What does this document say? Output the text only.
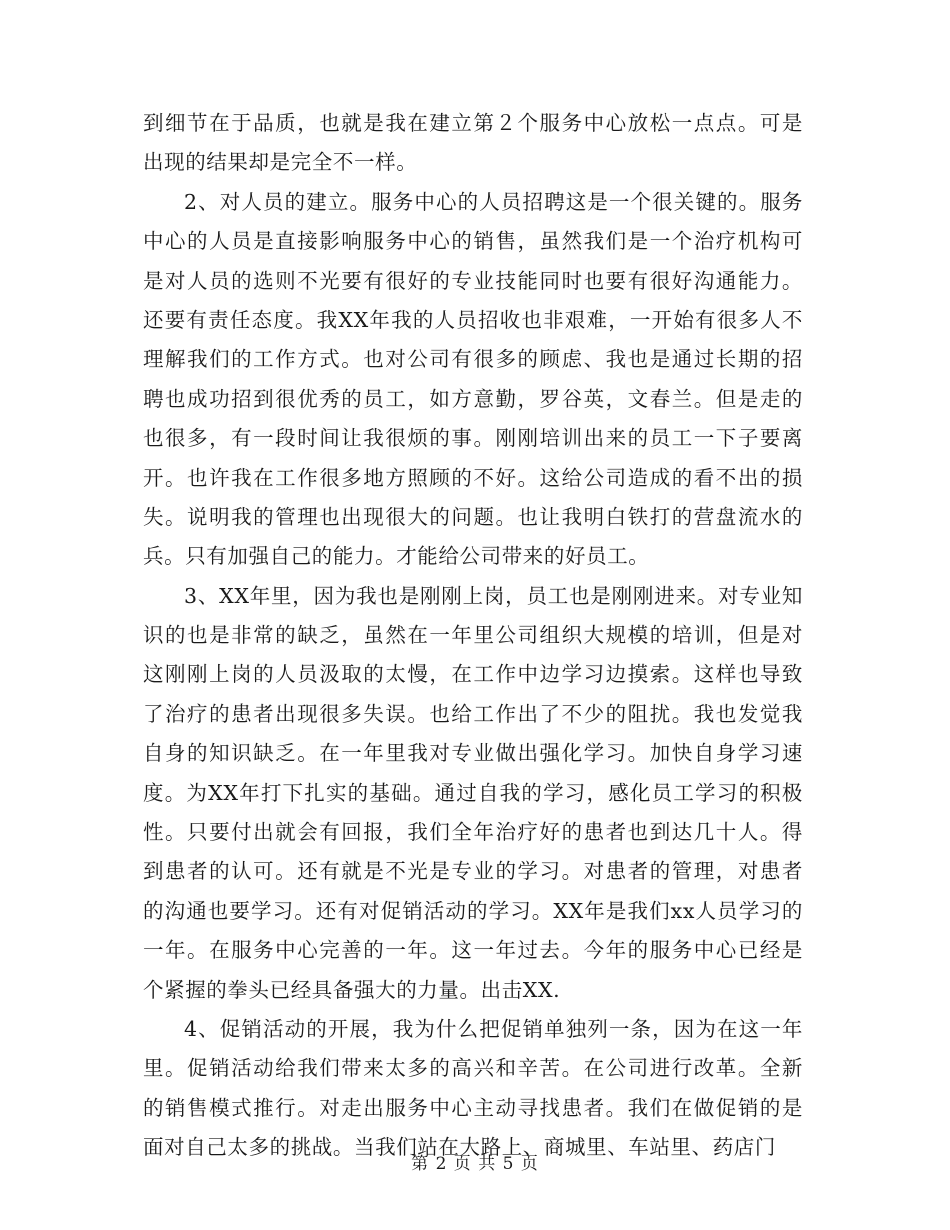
到细节在于品质，也就是我在建立第２个服务中心放松一点点。可是
出现的结果却是完全不一样。
2、对人员的建立。服务中心的人员招聘这是一个很关键的。服务
中心的人员是直接影响服务中心的销售，虽然我们是一个治疗机构可
是对人员的选则不光要有很好的专业技能同时也要有很好沟通能力。
还要有责任态度。我XX年我的人员招收也非艰难，一开始有很多人不
理解我们的工作方式。也对公司有很多的顾虑、我也是通过长期的招
聘也成功招到很优秀的员工，如方意勤，罗谷英，文春兰。但是走的
也很多，有一段时间让我很烦的事。刚刚培训出来的员工一下子要离
开。也许我在工作很多地方照顾的不好。这给公司造成的看不出的损
失。说明我的管理也出现很大的问题。也让我明白铁打的营盘流水的
兵。只有加强自己的能力。才能给公司带来的好员工。
3、XX年里，因为我也是刚刚上岗，员工也是刚刚进来。对专业知
识的也是非常的缺乏，虽然在一年里公司组织大规模的培训，但是对
这刚刚上岗的人员汲取的太慢，在工作中边学习边摸索。这样也导致
了治疗的患者出现很多失误。也给工作出了不少的阻扰。我也发觉我
自身的知识缺乏。在一年里我对专业做出强化学习。加快自身学习速
度。为XX年打下扎实的基础。通过自我的学习，感化员工学习的积极
性。只要付出就会有回报，我们全年治疗好的患者也到达几十人。得
到患者的认可。还有就是不光是专业的学习。对患者的管理，对患者
的沟通也要学习。还有对促销活动的学习。XX年是我们xx人员学习的
一年。在服务中心完善的一年。这一年过去。今年的服务中心已经是
个紧握的拳头已经具备强大的力量。出击XX.
4、促销活动的开展，我为什么把促销单独列一条，因为在这一年
里。促销活动给我们带来太多的高兴和辛苦。在公司进行改革。全新
的销售模式推行。对走出服务中心主动寻找患者。我们在做促销的是
面对自己太多的挑战。当我们站在大路上、商城里、车站里、药店门
第 2 页 共 5 页
